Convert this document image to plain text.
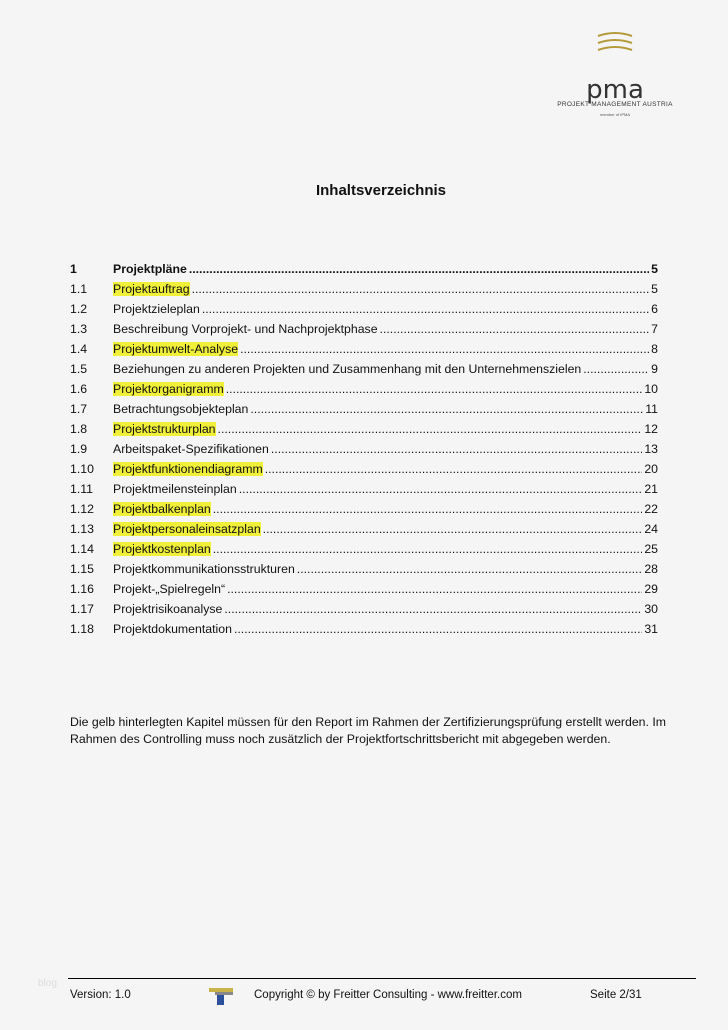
pma
PROJEKT MANAGEMENT AUSTRIA
member of IPMA
Inhaltsverzeichnis
1	Projektpläne .....	5
1.1	Projektauftrag .....	5
1.2	Projektzieleplan .....	6
1.3	Beschreibung Vorprojekt- und Nachprojektphase .....	7
1.4	Projektumwelt-Analyse .....	8
1.5	Beziehungen zu anderen Projekten und Zusammenhang mit den Unternehmenszielen .....	9
1.6	Projektorganigramm .....	10
1.7	Betrachtungsobjekteplan .....	11
1.8	Projektstrukturplan .....	12
1.9	Arbeitspaket-Spezifikationen .....	13
1.10	Projektfunktionendiagramm .....	20
1.11	Projektmeilensteinplan .....	21
1.12	Projektbalkenplan .....	22
1.13	Projektpersonaleinsatzplan .....	24
1.14	Projektkostenplan .....	25
1.15	Projektkommunikationsstrukturen .....	28
1.16	Projekt-„Spielregeln“ .....	29
1.17	Projektrisikoanalyse .....	30
1.18	Projektdokumentation .....	31
Die gelb hinterlegten Kapitel müssen für den Report im Rahmen der Zertifizierungsprüfung erstellt werden. Im Rahmen des Controlling muss noch zusätzlich der Projektfortschrittsbericht mit abgegeben werden.
blog
Version: 1.0	Copyright © by Freitter Consulting - www.freitter.com	Seite 2/31
